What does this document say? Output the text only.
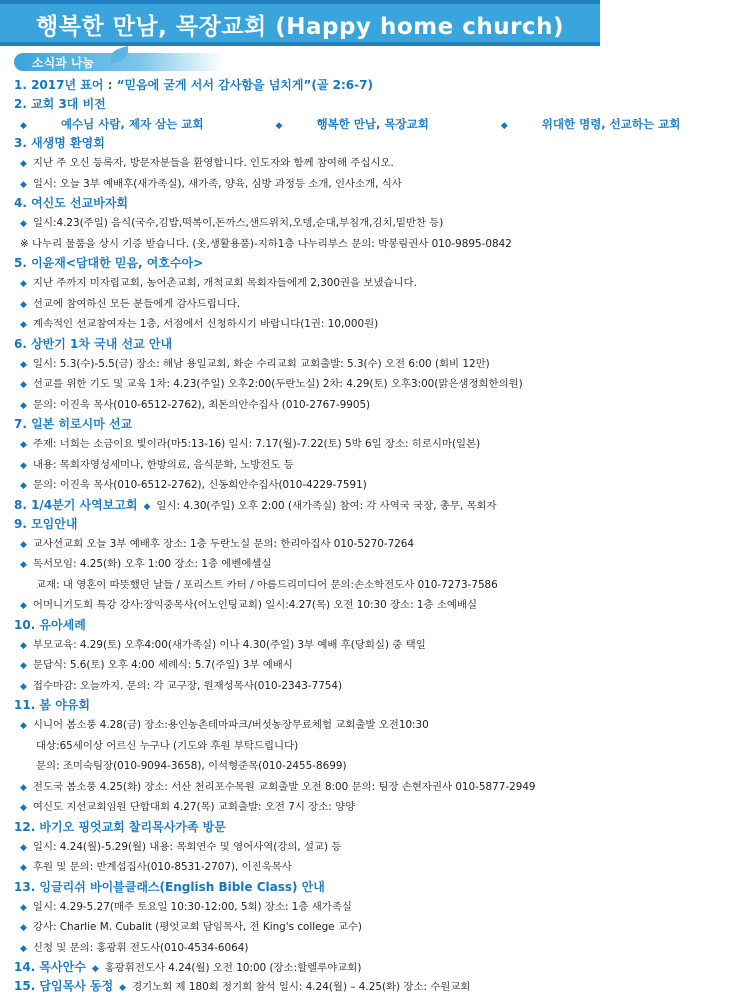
행복한 만남, 목장교회 (Happy home church)
소식과 나눔
1. 2017년 표어 : “믿음에 굳게 서서 감사함을 넘치게”(골 2:6-7)
2. 교회 3대 비전
◆	예수님 사람, 제자 삼는 교회	◆	행복한 만남, 목장교회	◆	위대한 명령, 선교하는 교회
3. 새생명 환영회
◆ 지난 주 오신 등록자, 방문자분들을 환영합니다. 인도자와 함께 참여해 주십시오.
◆ 일시: 오늘 3부 예배후(새가족실), 새가족, 양육, 심방 과정등 소개, 인사소개, 식사
4. 여신도 선교바자회
◆ 일시:4.23(주일) 음식(국수,김밥,떡복이,돈까스,샌드위치,오뎅,순대,부침개,김치,밑반찬 등)
※ 나누리 물품을 상시 기증 받습니다. (옷,생활용품)-지하1층 나누리부스 문의: 박봉림권사 010-9895-0842
5. 이윤재<담대한 믿음, 여호수아>
◆ 지난 주까지 미자립교회, 농어촌교회, 개척교회 목회자들에게 2,300권을 보냈습니다.
◆ 선교에 참여하신 모든 분들에게 감사드립니다.
◆ 계속적인 선교참여자는 1층, 서점에서 신청하시기 바랍니다(1권: 10,000원)
6. 상반기 1차 국내 선교 안내
◆ 일시: 5.3(수)-5.5(금) 장소: 해남 용일교회, 화순 수리교회 교회출발: 5.3(수) 오전 6:00 (회비 12만)
◆ 선교를 위한 기도 및 교육 1차: 4.23(주일) 오후2:00(두란노실) 2차: 4.29(토) 오후3:00(맑은샘정희한의원)
◆ 문의: 이진욱 목사(010-6512-2762), 최돈의안수집사 (010-2767-9905)
7. 일본 히로시마 선교
◆ 주제: 너희는 소금이요 빛이라(마5:13-16) 일시: 7.17(월)-7.22(토) 5박 6일 장소: 히로시마(일본)
◆ 내용: 목회자영성세미나, 한방의료, 음식문화, 노방전도 등
◆ 문의: 이진욱 목사(010-6512-2762), 신동희안수집사(010-4229-7591)
8. 1/4분기 사역보고회 ◆ 일시: 4.30(주일) 오후 2:00 (새가족실) 참여: 각 사역국 국장, 총무, 목회자
9. 모임안내
◆ 교사선교회 오늘 3부 예배후 장소: 1층 두란노실 문의: 한리아집사 010-5270-7264
◆ 독서모임: 4.25(화) 오후 1:00 장소: 1층 에벤에셀실
교재: 내 영혼이 따뜻했던 날들 / 포리스트 카터 / 아름드리미디어 문의:손소학전도사 010-7273-7586
◆ 어머니기도회 특강 강사:장익중목사(어노인팅교회) 일시:4.27(목) 오전 10:30 장소: 1층 소예배실
10. 유아세례
◆ 부모교육: 4.29(토) 오후4:00(새가족실) 이나 4.30(주일) 3부 예배 후(당회실) 중 택일
◆ 문답식: 5.6(토) 오후 4:00 세례식: 5.7(주일) 3부 예배시
◆ 접수마감: 오늘까지. 문의: 각 교구장, 원재성목사(010-2343-7754)
11. 봄 야유회
◆ 시니어 봄소풍 4.28(금) 장소:용인농촌테마파크/버섯농장무료체험 교회출발 오전10:30
대상:65세이상 어르신 누구나 (기도와 후원 부탁드립니다)
문의: 조미숙팀장(010-9094-3658), 이석형준목(010-2455-8699)
◆ 전도국 봄소풍 4.25(화) 장소: 서산 천리포수목원 교회출발 오전 8:00 문의: 팀장 손현자권사 010-5877-2949
◆ 여신도 지선교회임원 단합대회 4.27(목) 교회출발: 오전 7시 장소: 양양
12. 바기오 핑엇교회 찰리목사가족 방문
◆ 일시: 4.24(월)-5.29(월) 내용: 목회연수 및 영어사역(강의, 설교) 등
◆ 후원 및 문의: 반계섭집사(010-8531-2707), 이진욱목사
13. 잉글리쉬 바이블클래스(English Bible Class) 안내
◆ 일시: 4.29-5.27(매주 토요일 10:30-12:00, 5회) 장소: 1층 새가족실
◆ 강사: Charlie M. Cubalit (평엇교회 담임목사, 전 King's college 교수)
◆ 신청 및 문의: 홍광휘 전도사(010-4534-6064)
14. 목사안수 ◆ 홍광휘전도사 4.24(월) 오전 10:00 (장소:할렐루야교회)
15. 담임목사 동정 ◆ 경기노회 제 180회 정기회 참석 일시: 4.24(월) – 4.25(화) 장소: 수원교회
